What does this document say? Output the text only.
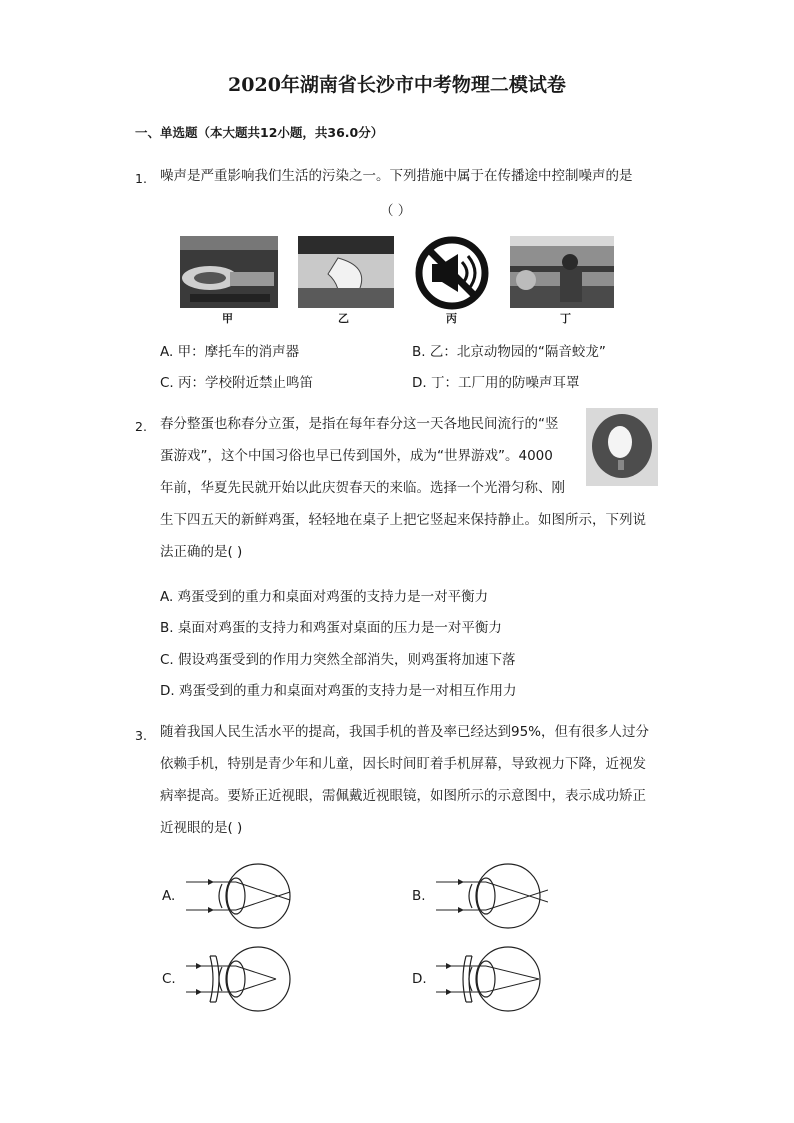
2020年湖南省长沙市中考物理二模试卷
一、单选题（本大题共12小题，共36.0分）
1. 噪声是严重影响我们生活的污染之一。下列措施中属于在传播途中控制噪声的是
（ ）
甲	乙	丙	丁
A. 甲：摩托车的消声器	B. 乙：北京动物园的“隔音蛟龙”
C. 丙：学校附近禁止鸣笛	D. 丁：工厂用的防噪声耳罩
2. 春分整蛋也称春分立蛋，是指在每年春分这一天各地民间流行的“竖
蛋游戏”，这个中国习俗也早已传到国外，成为“世界游戏”。4000
年前，华夏先民就开始以此庆贺春天的来临。选择一个光滑匀称、刚
生下四五天的新鲜鸡蛋，轻轻地在桌子上把它竖起来保持静止。如图所示，下列说
法正确的是( )
A. 鸡蛋受到的重力和桌面对鸡蛋的支持力是一对平衡力
B. 桌面对鸡蛋的支持力和鸡蛋对桌面的压力是一对平衡力
C. 假设鸡蛋受到的作用力突然全部消失，则鸡蛋将加速下落
D. 鸡蛋受到的重力和桌面对鸡蛋的支持力是一对相互作用力
3. 随着我国人民生活水平的提高，我国手机的普及率已经达到95%，但有很多人过分
依赖手机，特别是青少年和儿童，因长时间盯着手机屏幕，导致视力下降，近视发
病率提高。要矫正近视眼，需佩戴近视眼镜，如图所示的示意图中，表示成功矫正
近视眼的是( )
A.	B.
C.	D.
